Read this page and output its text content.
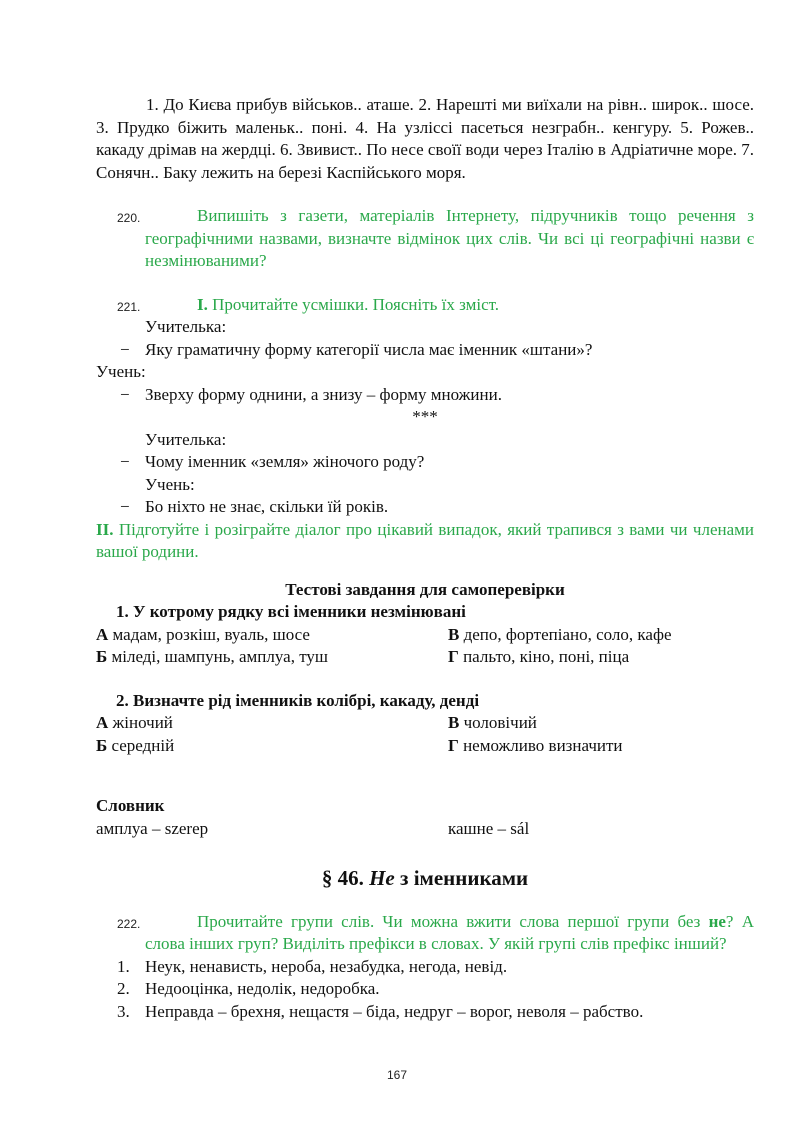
1. До Києва прибув військов.. аташе. 2. Нарешті ми виїхали на рівн.. широк.. шосе. 3. Прудко біжить маленьк.. поні. 4. На узліссі пасеться незграбн.. кенгуру. 5. Рожев.. какаду дрімав на жердці. 6. Звивист.. По несе своїї води через Італію в Адріатичне море. 7. Сонячн.. Баку лежить на березі Каспійського моря.

220.	Випишіть з газети, матеріалів Інтернету, підручників тощо речення з географічними назвами, визначте відмінок цих слів. Чи всі ці географічні назви є незмінюваними?
221.	І. Прочитайте усмішки. Поясніть їх зміст.
Учителька:
− Яку граматичну форму категорії числа має іменник «штани»?
Учень:
− Зверху форму однини, а знизу – форму множини.
***
Учителька:
− Чому іменник «земля» жіночого роду?
Учень:
− Бо ніхто не знає, скільки їй років.
ІІ. Підготуйте і розіграйте діалог про цікавий випадок, який трапився з вами чи членами вашої родини.
Тестові завдання для самоперевірки
1. У котрому рядку всі іменники незмінювані
А мадам, розкіш, вуаль, шосе	В депо, фортепіано, соло, кафе
Б міледі, шампунь, амплуа, туш	Г пальто, кіно, поні, піца
2. Визначте рід іменників колібрі, какаду, денді
А жіночий	В чоловічий
Б середній	Г неможливо визначити
Словник
амплуа – szerep	кашне – sál
§ 46. Не з іменниками
222.	Прочитайте групи слів. Чи можна вжити слова першої групи без не? А слова інших груп? Виділіть префікси в словах. У якій групі слів префікс інший?
1. Неук, ненависть, нероба, незабудка, негода, невід.
2. Недооцінка, недолік, недоробка.
3. Неправда – брехня, нещастя – біда, недруг – ворог, неволя – рабство.
167
